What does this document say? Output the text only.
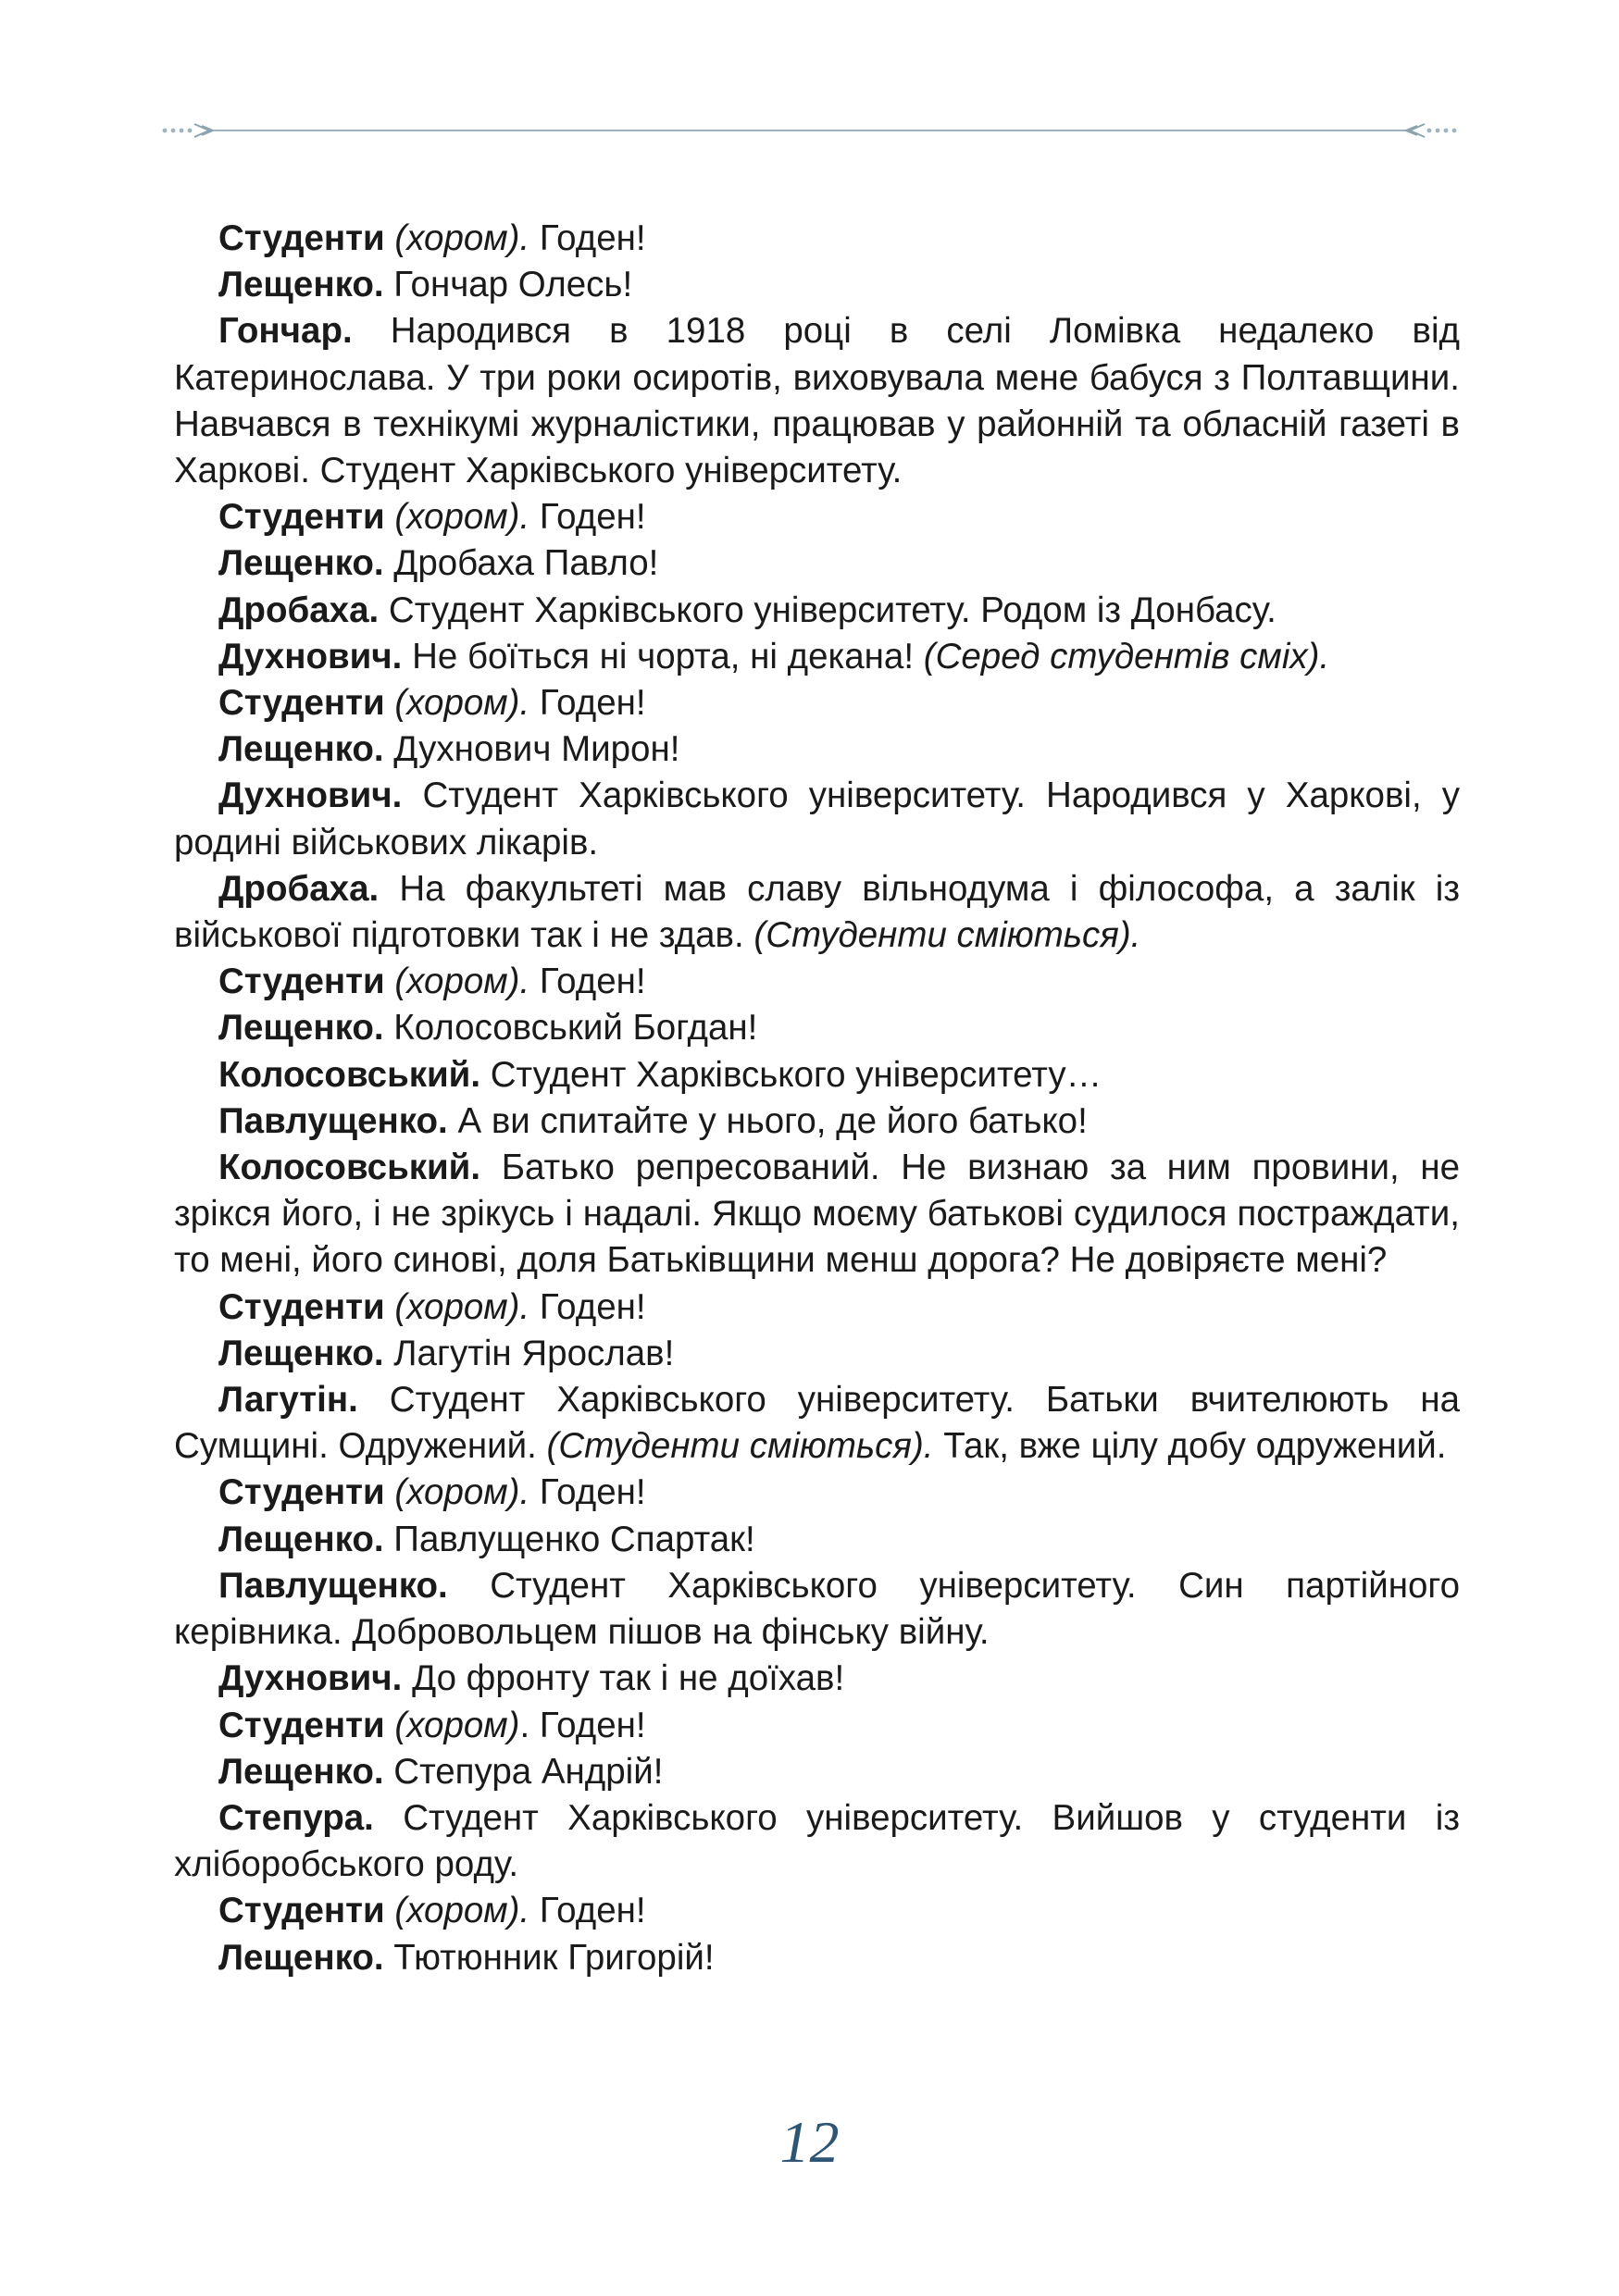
Студенти (хором). Годен!

Лещенко. Гончар Олесь!

Гончар. Народився в 1918 році в селі Ломівка недалеко від Катеринослава. У три роки осиротів, виховувала мене бабуся з Полтавщини. Навчався в технікумі журналістики, працював у районній та обласній газеті в Харкові. Студент Харківського університету.

Студенти (хором). Годен!

Лещенко. Дробаха Павло!

Дробаха. Студент Харківського університету. Родом із Донбасу.

Духнович. Не боїться ні чорта, ні декана! (Серед студентів сміх).

Студенти (хором). Годен!

Лещенко. Духнович Мирон!

Духнович. Студент Харківського університету. Народився у Харкові, у родині військових лікарів.

Дробаха. На факультеті мав славу вільнодума і філософа, а залік із військової підготовки так і не здав. (Студенти сміються).

Студенти (хором). Годен!

Лещенко. Колосовський Богдан!

Колосовський. Студент Харківського університету…

Павлущенко. А ви спитайте у нього, де його батько!

Колосовський. Батько репресований. Не визнаю за ним провини, не зрікся його, і не зрікусь і надалі. Якщо моєму батькові судилося постраждати, то мені, його синові, доля Батьківщини менш дорога? Не довіряєте мені?

Студенти (хором). Годен!

Лещенко. Лагутін Ярослав!

Лагутін. Студент Харківського університету. Батьки вчителюють на Сумщині. Одружений. (Студенти сміються). Так, вже цілу добу одружений.

Студенти (хором). Годен!

Лещенко. Павлущенко Спартак!

Павлущенко. Студент Харківського університету. Син партійного керівника. Добровольцем пішов на фінську війну.

Духнович. До фронту так і не доїхав!

Студенти (хором). Годен!

Лещенко. Степура Андрій!

Степура. Студент Харківського університету. Вийшов у студенти із хліборобського роду.

Студенти (хором). Годен!

Лещенко. Тютюнник Григорій!

12
